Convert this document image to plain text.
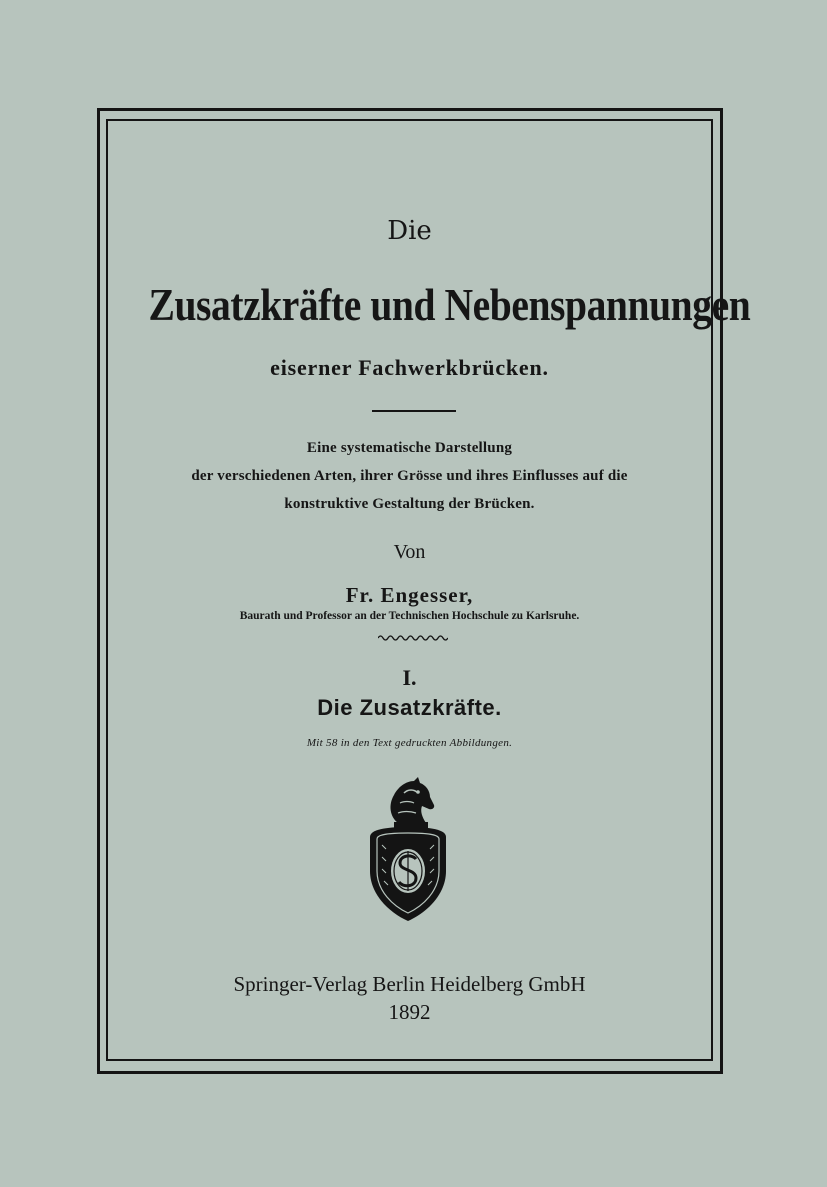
Die
Zusatzkräfte und Nebenspannungen
eiserner Fachwerkbrücken.
Eine systematische Darstellung
der verschiedenen Arten, ihrer Grösse und ihres Einflusses auf die
konstruktive Gestaltung der Brücken.
Von
Fr. Engesser,
Baurath und Professor an der Technischen Hochschule zu Karlsruhe.
I.
Die Zusatzkräfte.
Mit 58 in den Text gedruckten Abbildungen.
Springer-Verlag Berlin Heidelberg GmbH
1892
